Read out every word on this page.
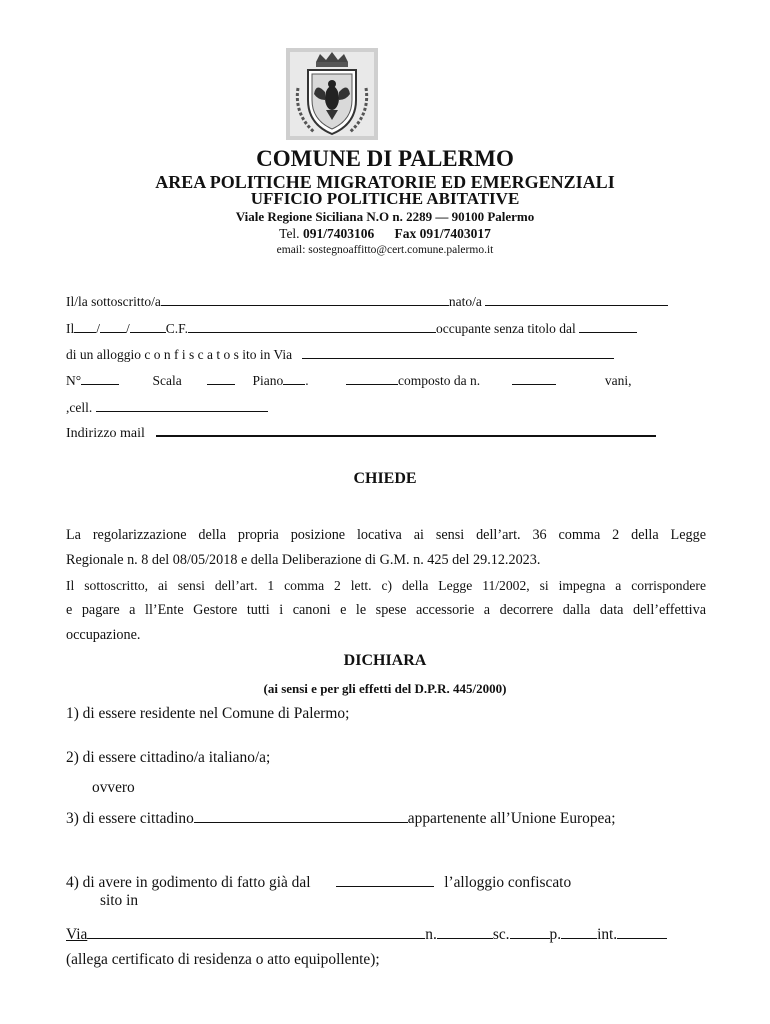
COMUNE DI PALERMO
AREA POLITICHE MIGRATORIE ED EMERGENZIALI
UFFICIO POLITICHE ABITATIVE
Viale Regione Siciliana N.O n. 2289 — 90100 Palermo
Tel. 091/7403106 Fax 091/7403017
email: sostegnoaffitto@cert.comune.palermo.it
Il/la sottoscritto/a	nato/a
Il / /	C.F.	occupante senza titolo dal
di un alloggio c o n f i s c a t o s ito in Via
N°	Scala	Piano .	composto da n.	vani,
,cell.
Indirizzo mail
CHIEDE
La regolarizzazione della propria posizione locativa ai sensi dell’art. 36 comma 2 della Legge
Regionale n. 8 del 08/05/2018 e della Deliberazione di G.M. n. 425 del 29.12.2023.
Il sottoscritto, ai sensi dell’art. 1 comma 2 lett. c) della Legge 11/2002, si impegna a corrispondere
e pagare a ll’Ente Gestore tutti i canoni e le spese accessorie a decorrere dalla data dell’effettiva
occupazione.
DICHIARA
(ai sensi e per gli effetti del D.P.R. 445/2000)
1) di essere residente nel Comune di Palermo;
2) di essere cittadino/a italiano/a;
ovvero
3) di essere cittadino	appartenente all’Unione Europea;
4) di avere in godimento di fatto già dal	l’alloggio confiscato
sito in
Via	n.	sc.	p. int.
(allega certificato di residenza o atto equipollente);
